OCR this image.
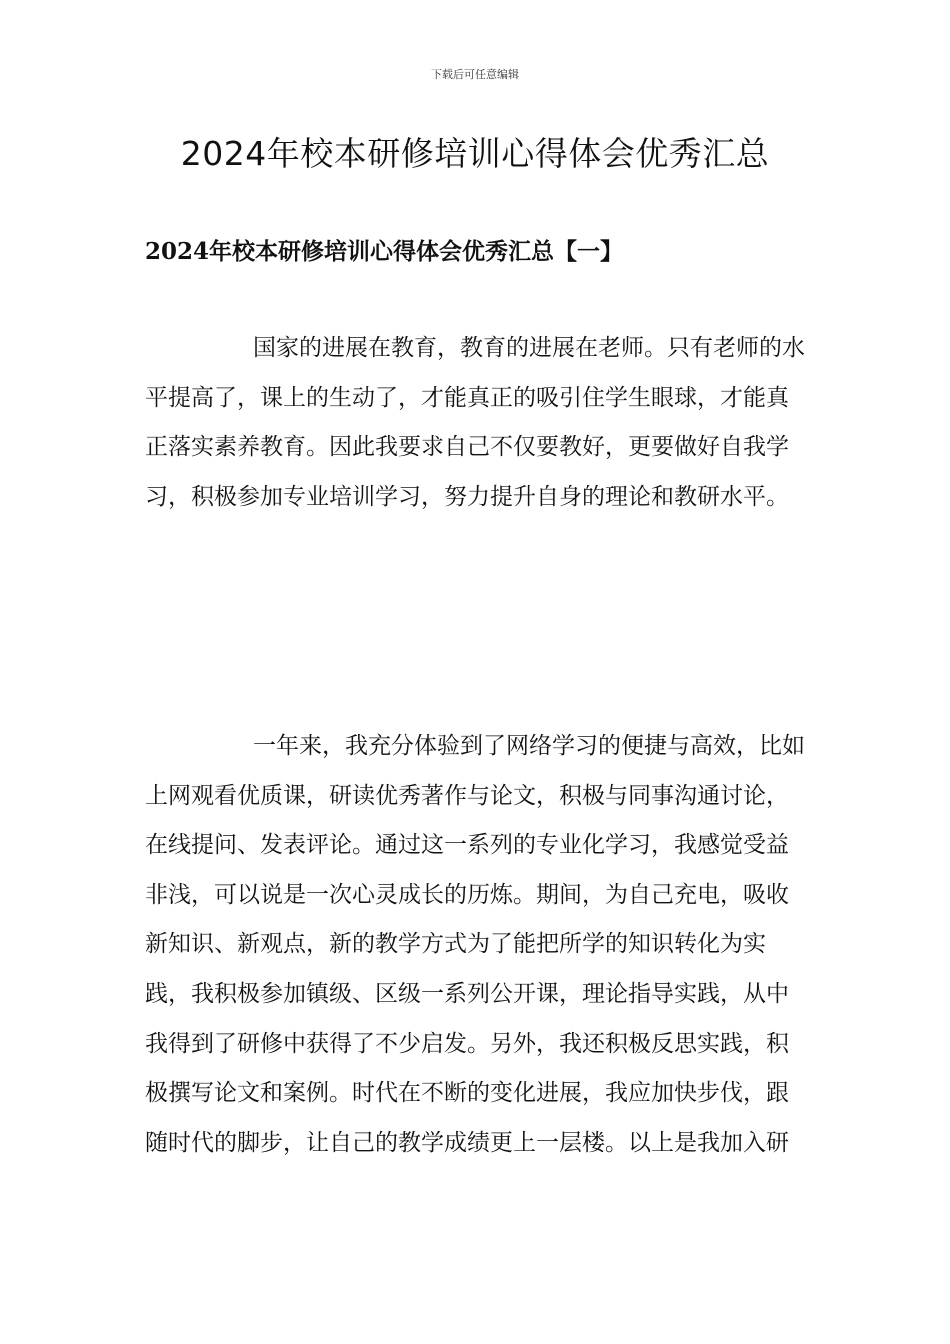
下载后可任意编辑
2024年校本研修培训心得体会优秀汇总
2024年校本研修培训心得体会优秀汇总【一】

国家的进展在教育，教育的进展在老师。只有老师的水平提高了，课上的生动了，才能真正的吸引住学生眼球，才能真正落实素养教育。因此我要求自己不仅要教好，更要做好自我学习，积极参加专业培训学习，努力提升自身的理论和教研水平。

一年来，我充分体验到了网络学习的便捷与高效，比如上网观看优质课，研读优秀著作与论文，积极与同事沟通讨论，在线提问、发表评论。通过这一系列的专业化学习，我感觉受益非浅，可以说是一次心灵成长的历炼。期间，为自己充电，吸收新知识、新观点，新的教学方式为了能把所学的知识转化为实践，我积极参加镇级、区级一系列公开课，理论指导实践，从中我得到了研修中获得了不少启发。另外，我还积极反思实践，积极撰写论文和案例。时代在不断的变化进展，我应加快步伐，跟随时代的脚步，让自己的教学成绩更上一层楼。以上是我加入研
